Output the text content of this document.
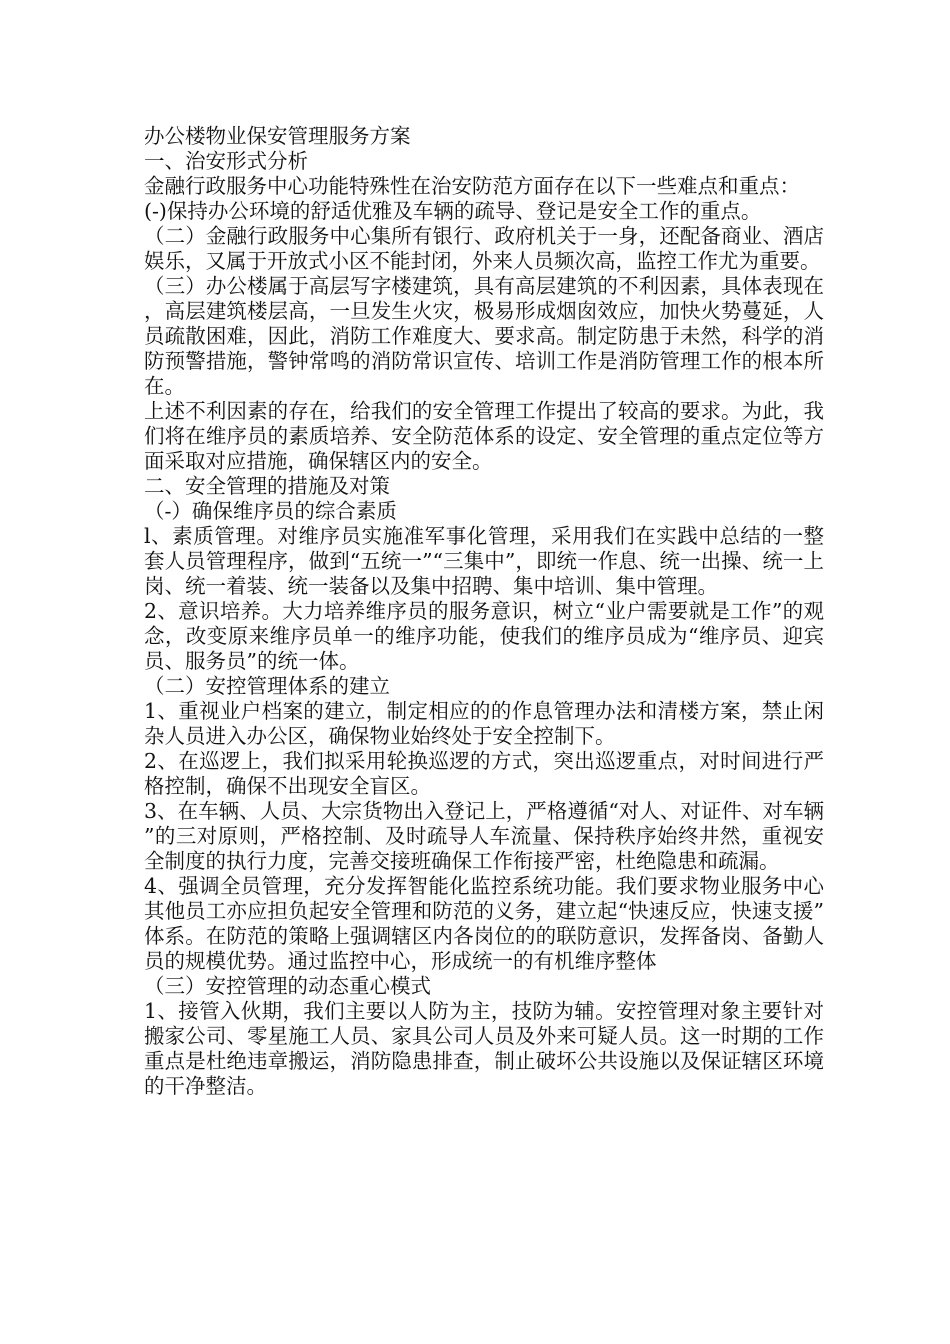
办公楼物业保安管理服务方案
一、治安形式分析

金融行政服务中心功能特殊性在治安防范方面存在以下一些难点和重点：

(-)保持办公环境的舒适优雅及车辆的疏导、登记是安全工作的重点。

（二）金融行政服务中心集所有银行、政府机关于一身，还配备商业、酒店娱乐，又属于开放式小区不能封闭，外来人员频次高，监控工作尤为重要。

（三）办公楼属于高层写字楼建筑，具有高层建筑的不利因素，具体表现在，高层建筑楼层高，一旦发生火灾，极易形成烟囱效应，加快火势蔓延，人员疏散困难，因此，消防工作难度大、要求高。制定防患于未然，科学的消防预警措施，警钟常鸣的消防常识宣传、培训工作是消防管理工作的根本所在。

上述不利因素的存在，给我们的安全管理工作提出了较高的要求。为此，我们将在维序员的素质培养、安全防范体系的设定、安全管理的重点定位等方面采取对应措施，确保辖区内的安全。

二、安全管理的措施及对策
（-）确保维序员的综合素质

l、素质管理。对维序员实施准军事化管理，采用我们在实践中总结的一整套人员管理程序，做到“五统一”“三集中”，即统一作息、统一出操、统一上岗、统一着装、统一装备以及集中招聘、集中培训、集中管理。

2、意识培养。大力培养维序员的服务意识，树立“业户需要就是工作”的观念，改变原来维序员单一的维序功能，使我们的维序员成为“维序员、迎宾员、服务员”的统一体。

（二）安控管理体系的建立

1、重视业户档案的建立，制定相应的的作息管理办法和清楼方案，禁止闲杂人员进入办公区，确保物业始终处于安全控制下。

2、在巡逻上，我们拟采用轮换巡逻的方式，突出巡逻重点，对时间进行严格控制，确保不出现安全盲区。

3、在车辆、人员、大宗货物出入登记上，严格遵循“对人、对证件、对车辆”的三对原则，严格控制、及时疏导人车流量、保持秩序始终井然，重视安全制度的执行力度，完善交接班确保工作衔接严密，杜绝隐患和疏漏。

4、强调全员管理，充分发挥智能化监控系统功能。我们要求物业服务中心其他员工亦应担负起安全管理和防范的义务，建立起“快速反应，快速支援”体系。在防范的策略上强调辖区内各岗位的的联防意识，发挥备岗、备勤人员的规模优势。通过监控中心，形成统一的有机维序整体

（三）安控管理的动态重心模式

1、接管入伙期，我们主要以人防为主，技防为辅。安控管理对象主要针对搬家公司、零星施工人员、家具公司人员及外来可疑人员。这一时期的工作重点是杜绝违章搬运，消防隐患排查，制止破坏公共设施以及保证辖区环境的干净整洁。
